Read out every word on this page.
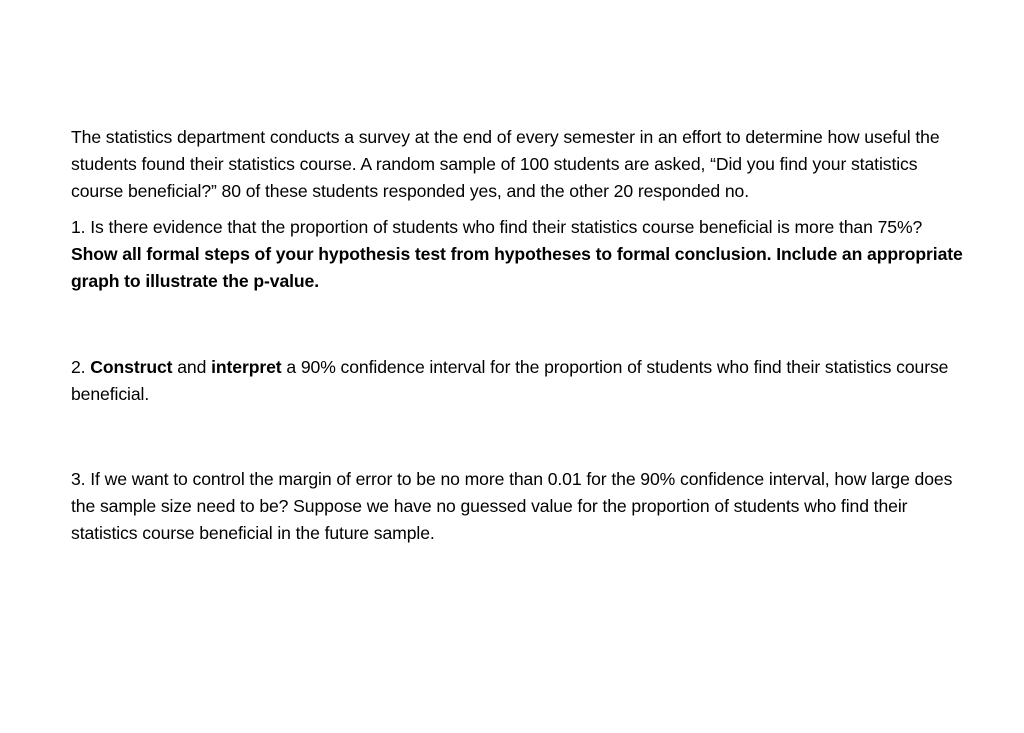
The statistics department conducts a survey at the end of every semester in an effort to determine how useful the students found their statistics course. A random sample of 100 students are asked, “Did you find your statistics course beneficial?” 80 of these students responded yes, and the other 20 responded no.

1. Is there evidence that the proportion of students who find their statistics course beneficial is more than 75%? Show all formal steps of your hypothesis test from hypotheses to formal conclusion. Include an appropriate graph to illustrate the p-value.

2. Construct and interpret a 90% confidence interval for the proportion of students who find their statistics course beneficial.

3. If we want to control the margin of error to be no more than 0.01 for the 90% confidence interval, how large does the sample size need to be? Suppose we have no guessed value for the proportion of students who find their statistics course beneficial in the future sample.
